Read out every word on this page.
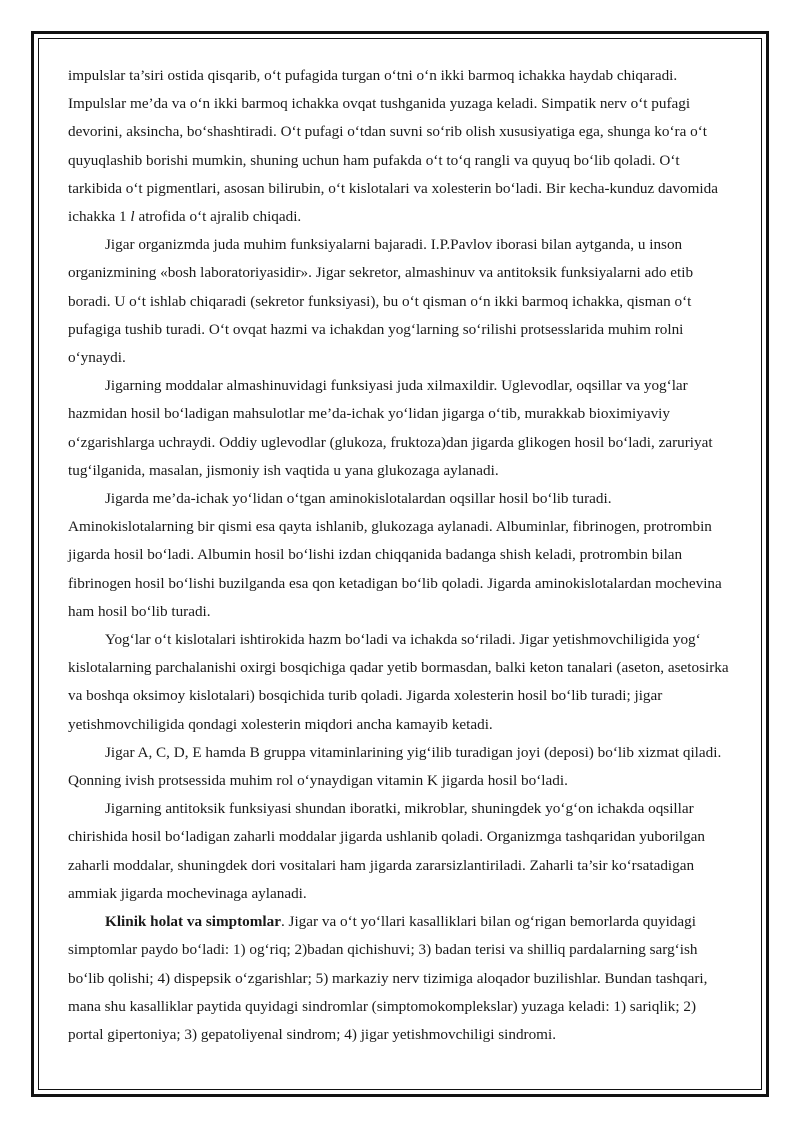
impulslar ta’siri ostida qisqarib, o‘t pufagida turgan o‘tni o‘n ikki barmoq ichakka haydab chiqaradi. Impulslar me’da va o‘n ikki barmoq ichakka ovqat tushganida yuzaga keladi. Simpatik nerv o‘t pufagi devorini, aksincha, bo‘shashtiradi. O‘t pufagi o‘tdan suvni so‘rib olish xususiyatiga ega, shunga ko‘ra o‘t quyuqlashib borishi mumkin, shuning uchun ham pufakda o‘t to‘q rangli va quyuq bo‘lib qoladi. O‘t tarkibida o‘t pigmentlari, asosan bilirubin, o‘t kislotalari va xolesterin bo‘ladi. Bir kecha-kunduz davomida ichakka 1 l atrofida o‘t ajralib chiqadi.

Jigar organizmda juda muhim funksiyalarni bajaradi. I.P.Pavlov iborasi bilan aytganda, u inson organizmining «bosh laboratoriyasidir». Jigar sekretor, almashinuv va antitoksik funksiyalarni ado etib boradi. U o‘t ishlab chiqaradi (sekretor funksiyasi), bu o‘t qisman o‘n ikki barmoq ichakka, qisman o‘t pufagiga tushib turadi. O‘t ovqat hazmi va ichakdan yog‘larning so‘rilishi protsesslarida muhim rolni o‘ynaydi.

Jigarning moddalar almashinuvidagi funksiyasi juda xilmaxildir. Uglevodlar, oqsillar va yog‘lar hazmidan hosil bo‘ladigan mahsulotlar me’da-ichak yo‘lidan jigarga o‘tib, murakkab bioximiyaviy o‘zgarishlarga uchraydi. Oddiy uglevodlar (glukoza, fruktoza)dan jigarda glikogen hosil bo‘ladi, zaruriyat tug‘ilganida, masalan, jismoniy ish vaqtida u yana glukozaga aylanadi.

Jigarda me’da-ichak yo‘lidan o‘tgan aminokislotalardan oqsillar hosil bo‘lib turadi. Aminokislotalarning bir qismi esa qayta ishlanib, glukozaga aylanadi. Albuminlar, fibrinogen, protrombin jigarda hosil bo‘ladi. Albumin hosil bo‘lishi izdan chiqqanida badanga shish keladi, protrombin bilan fibrinogen hosil bo‘lishi buzilganda esa qon ketadigan bo‘lib qoladi. Jigarda aminokislotalardan mochevina ham hosil bo‘lib turadi.

Yog‘lar o‘t kislotalari ishtirokida hazm bo‘ladi va ichakda so‘riladi. Jigar yetishmovchiligida yog‘ kislotalarning parchalanishi oxirgi bosqichiga qadar yetib bormasdan, balki keton tanalari (aseton, asetosirka va boshqa oksimoy kislotalari) bosqichida turib qoladi. Jigarda xolesterin hosil bo‘lib turadi; jigar yetishmovchiligida qondagi xolesterin miqdori ancha kamayib ketadi.

Jigar A, C, D, E hamda B gruppa vitaminlarining yig‘ilib turadigan joyi (deposi) bo‘lib xizmat qiladi. Qonning ivish protsessida muhim rol o‘ynaydigan vitamin K jigarda hosil bo‘ladi.

Jigarning antitoksik funksiyasi shundan iboratki, mikroblar, shuningdek yo‘g‘on ichakda oqsillar chirishida hosil bo‘ladigan zaharli moddalar jigarda ushlanib qoladi. Organizmga tashqaridan yuborilgan zaharli moddalar, shuningdek dori vositalari ham jigarda zararsizlantiriladi. Zaharli ta’sir ko‘rsatadigan ammiak jigarda mochevinaga aylanadi.

Klinik holat va simptomlar. Jigar va o‘t yo‘llari kasalliklari bilan og‘rigan bemorlarda quyidagi simptomlar paydo bo‘ladi: 1) og‘riq; 2)badan qichishuvi; 3) badan terisi va shilliq pardalarning sarg‘ish bo‘lib qolishi; 4) dispepsik o‘zgarishlar; 5) markaziy nerv tizimiga aloqador buzilishlar. Bundan tashqari, mana shu kasalliklar paytida quyidagi sindromlar (simptomokomplekslar) yuzaga keladi: 1) sariqlik; 2) portal gipertoniya; 3) gepatoliyenal sindrom; 4) jigar yetishmovchiligi sindromi.
